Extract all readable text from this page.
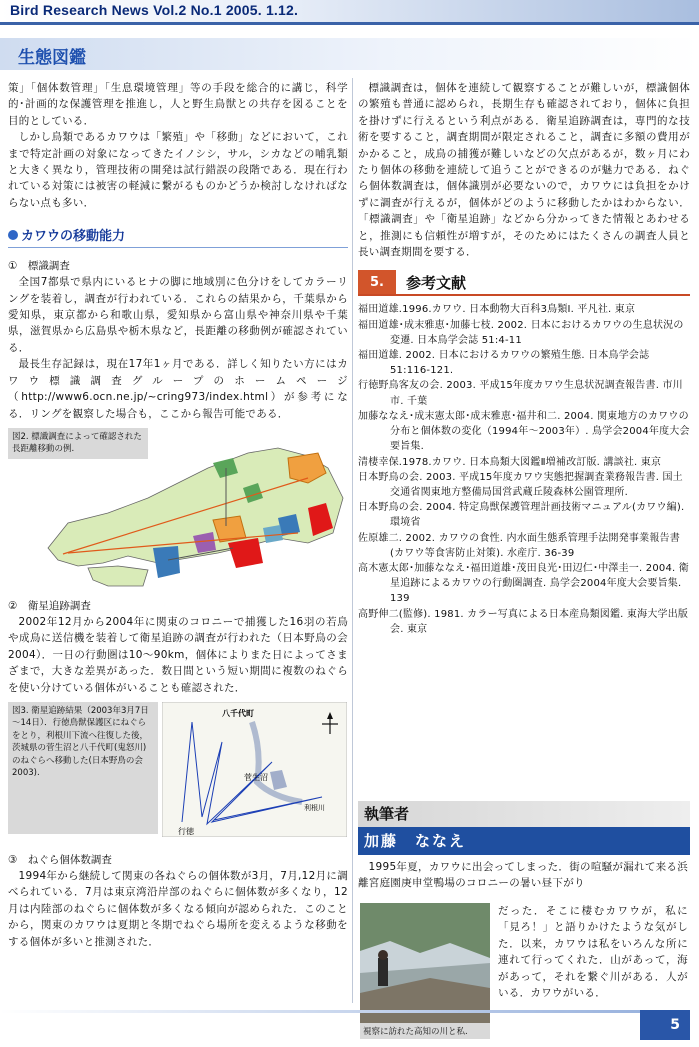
Bird Research News Vol.2 No.1 2005. 1.12.
生態図鑑

策」「個体数管理」「生息環境管理」等の手段を総合的に講じ，科学的･計画的な保護管理を推進し，人と野生鳥獣との共存を図ることを目的としている．

しかし鳥類であるカワウは「繁殖」や「移動」などにおいて，これまで特定計画の対象になってきたイノシシ，サル，シカなどの哺乳類と大きく異なり，管理技術の開発は試行錯誤の段階である．現在行われている対策には被害の軽減に繋がるものかどうか検討しなければならない点も多い．

カワウの移動能力
①　標識調査

全国7都県で県内にいるヒナの脚に地域別に色分けをしてカラーリングを装着し，調査が行われている．これらの結果から，千葉県から愛知県，東京都から和歌山県，愛知県から富山県や神奈川県や千葉県，滋賀県から広島県や栃木県など，長距離の移動例が確認されている．

最長生存記録は，現在17年1ヶ月である．詳しく知りたい方にはカワウ標識調査グループのホームページ（http://www6.ocn.ne.jp/~cring973/index.html）が参考になる．リングを観察した場合も，ここから報告可能である．

図2. 標識調査によって確認された長距離移動の例.
②　衛星追跡調査

2002年12月から2004年に関東のコロニーで捕獲した16羽の若鳥や成鳥に送信機を装着して衛星追跡の調査が行われた（日本野鳥の会 2004）．一日の行動圏は10～90km，個体によりまた日によってさまざまで，大きな差異があった．数日間という短い期間に複数のねぐらを使い分けている個体がいることも確認された．

図3. 衛星追跡結果（2003年3月7日～14日）．行徳鳥獣保護区にねぐらをとり，利根川下流へ往復した後，茨城県の菅生沼と八千代町(鬼怒川)のねぐらへ移動した(日本野鳥の会 2003).
八千代町
菅生沼
利根川
行徳
③　ねぐら個体数調査

1994年から継続して関東の各ねぐらの個体数が3月，7月,12月に調べられている．7月は東京湾沿岸部のねぐらに個体数が多くなり，12月は内陸部のねぐらに個体数が多くなる傾向が認められた．このことから，関東のカワウは夏期と冬期でねぐら場所を変えるような移動をする個体が多いと推測された．

標識調査は，個体を連続して観察することが難しいが，標識個体の繁殖も普通に認められ，長期生存も確認されており，個体に負担を掛けずに行えるという利点がある．衛星追跡調査は，専門的な技術を要すること，調査期間が限定されること，調査に多額の費用がかかること，成鳥の捕獲が難しいなどの欠点があるが，数ヶ月にわたり個体の移動を連続して追うことができるのが魅力である．ねぐら個体数調査は，個体識別が必要ないので，カワウには負担をかけずに調査が行えるが，個体がどのように移動したかはわからない．「標識調査」や「衛星追跡」などから分かってきた情報とあわせると，推測にも信頼性が増すが，そのためにはたくさんの調査人員と長い調査期間を要する．

5.	参考文献
福田道雄.1996.カワウ. 日本動物大百科3鳥類Ⅰ. 平凡社. 東京
福田道雄･成末雅恵･加藤七枝. 2002. 日本におけるカワウの生息状況の変遷. 日本鳥学会誌 51:4-11
福田道雄. 2002. 日本におけるカワウの繁殖生態. 日本鳥学会誌 51:116-121.
行徳野鳥客友の会. 2003. 平成15年度カワウ生息状況調査報告書. 市川市. 千葉
加藤ななえ･成末憲太郎･成末雅恵･福井和二. 2004. 関東地方のカワウの分布と個体数の変化（1994年～2003年）. 鳥学会2004年度大会要旨集.
清棲幸保.1978.カワウ. 日本鳥類大図鑑Ⅱ増補改訂版. 講談社. 東京
日本野鳥の会. 2003. 平成15年度カワウ実態把握調査業務報告書. 国土交通省関東地方整備局国営武蔵丘陵森林公園管理所.
日本野鳥の会. 2004. 特定鳥獣保護管理計画技術マニュアル(カワウ編). 環境省
佐原雄二. 2002. カワウの食性. 内水面生態系管理手法開発事業報告書(カワウ等食害防止対策). 水産庁. 36-39
高木憲太郎･加藤ななえ･福田道雄･茂田良光･田辺仁･中澤圭一. 2004. 衛星追跡によるカワウの行動圏調査. 鳥学会2004年度大会要旨集. 139
高野伸二(監修). 1981. カラー写真による日本産鳥類図鑑. 東海大学出版会. 東京
執筆者
加藤　ななえ

1995年夏，カワウに出会ってしまった．街の喧騒が漏れて来る浜離宮庭園庚申堂鴨場のコロニーの暑い昼下がり

視察に訪れた高知の川と私.

だった．そこに棲むカワウが，私に「見ろ！」と語りかけたような気がした．以来，カワウは私をいろんな所に連れて行ってくれた．山があって，海があって，それを繋ぐ川がある．人がいる．カワウがいる．

5
